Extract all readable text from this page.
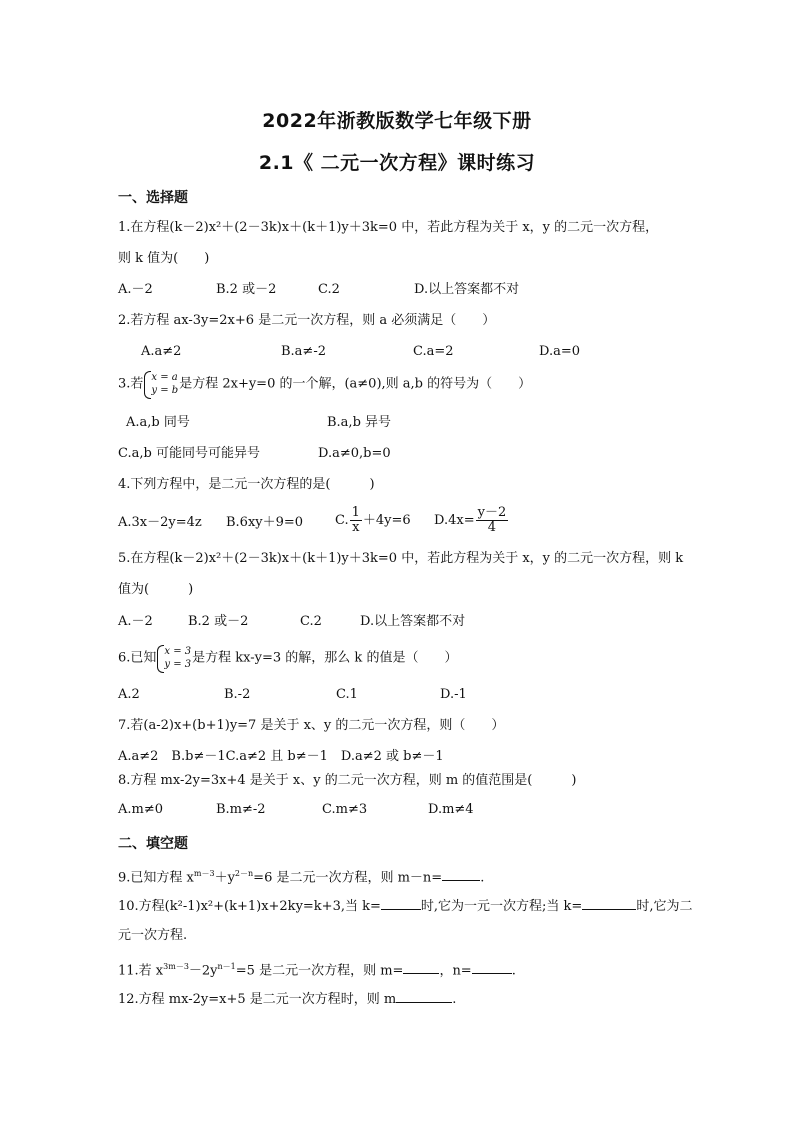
2022年浙教版数学七年级下册
2.1《 二元一次方程》课时练习
一、选择题
1.在方程(k－2)x²＋(2－3k)x＋(k＋1)y＋3k=0 中，若此方程为关于 x，y 的二元一次方程，
则 k 值为(　　)
A.－2	B.2 或－2	C.2	D.以上答案都不对
2.若方程 ax-3y=2x+6 是二元一次方程，则 a 必须满足（　　）
A.a≠2	B.a≠-2	C.a=2	D.a=0
3.若 x = a
y = b 是方程 2x+y=0 的一个解，(a≠0),则 a,b 的符号为（　　）
A.a,b 同号	B.a,b 异号
C.a,b 可能同号可能异号	D.a≠0,b=0
4.下列方程中，是二元一次方程的是(　　　)
A.3x－2y=4z B.6xy＋9=0 C. $\frac{1}{x} +4y=6$ $D.4x= \frac{y-2}{4}$
5.在方程(k－2)x²＋(2－3k)x＋(k＋1)y＋3k=0 中，若此方程为关于 x，y 的二元一次方程，则 k
值为(　　　)
A.－2	B.2 或－2	C.2	D.以上答案都不对
6.已知 x = 3
y = 3 是方程 kx-y=3 的解，那么 k 的值是（　　）
A.2	B.-2	C.1	D.-1
7.若(a-2)x+(b+1)y=7 是关于 x、y 的二元一次方程，则（　　）
A.a≠2　B.b≠－1C.a≠2 且 b≠－1　D.a≠2 或 b≠－1
8.方程 mx-2y=3x+4 是关于 x、y 的二元一次方程，则 m 的值范围是(　　　)
A.m≠0	B.m≠-2	C.m≠3	D.m≠4
二、填空题
9.已知方程 $x^{m-3}+y^{2-n}=6$ 是二元一次方程，则 m－n=	.
10.方程(k²-1)x²+(k+1)x+2ky=k+3,当 k=	时,它为一元一次方程;当 k=	时,它为二
元一次方程.
11.若 $x^{3m-3}-2y^{n-1}=5$ 是二元一次方程，则 m=	，n=	.
12.方程 mx-2y=x+5 是二元一次方程时，则 m	.
